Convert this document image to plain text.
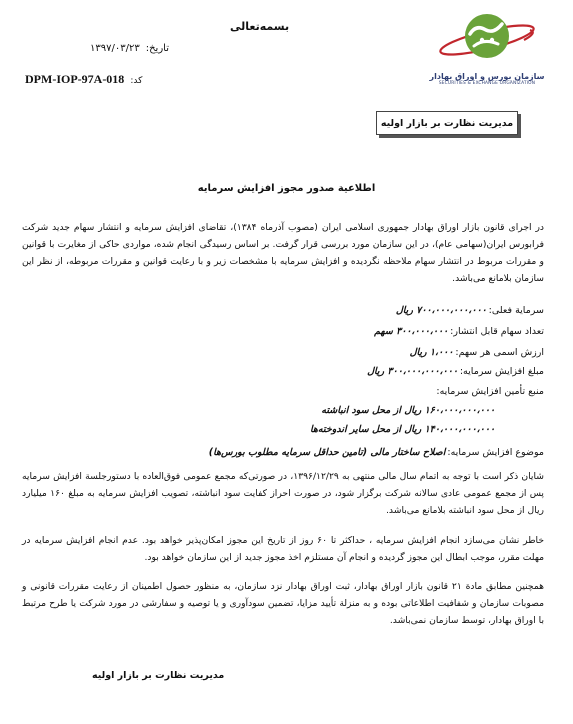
بسمه‌تعالی
تاریخ:
۱۳۹۷/۰۳/۲۳
DPM-IOP-97A-018 کد:	سازمان بورس و اوراق بهادار
SECURITIES & EXCHANGE ORGANIZATION
مدیریت نظارت بر بازار اولیه
اطلاعیة صدور مجوز افزایش سرمایه
در اجرای قانون بازار اوراق بهادار جمهوری اسلامی ایران (مصوب آذرماه ۱۳۸۴)، تقاضای افزایش سرمایه و انتشار سهام جدید شرکت فرابورس ایران(سهامی عام)، در این سازمان مورد بررسی قرار گرفت. بر اساس رسیدگی انجام شده، مواردی حاکی از مغایرت با قوانین و مقررات مربوط در انتشار سهام ملاحظه نگردیده و افزایش سرمایه با مشخصات زیر و با رعایت قوانین و مقررات مربوطه، از نظر این سازمان بلامانع می‌باشد.
سرمایة فعلی:
۷۰۰،۰۰۰،۰۰۰،۰۰۰ ریال
تعداد سهام قابل انتشار:
۳۰۰،۰۰۰،۰۰۰ سهم
ارزش اسمی هر سهم:
۱،۰۰۰ ریال
مبلغ افزایش سرمایه:
۳۰۰،۰۰۰،۰۰۰،۰۰۰ ریال
منبع تأمین افزایش سرمایه:
۱۶۰،۰۰۰،۰۰۰،۰۰۰ ریال از محل سود انباشته
۱۴۰،۰۰۰،۰۰۰،۰۰۰ ریال از محل سایر اندوخته‌ها
موضوع افزایش سرمایه:
اصلاح ساختار مالی (تامین حداقل سرمایه مطلوب بورس‌ها)
شایان ذکر است با توجه به اتمام سال مالی منتهی به ۱۳۹۶/۱۲/۲۹، در صورتی‌که مجمع عمومی فوق‌العاده با دستورجلسة افزایش سرمایه پس از مجمع عمومی عادی سالانه شرکت برگزار شود، در صورت احراز کفایت سود انباشته، تصویب افزایش سرمایه به مبلغ ۱۶۰ میلیارد ریال از محل سود انباشته بلامانع می‌باشد.
خاطر نشان می‌سازد انجام افزایش سرمایه ، حداکثر تا ۶۰ روز از تاریخ این مجوز امکان‌پذیر خواهد بود. عدم انجام افزایش سرمایه در مهلت مقرر، موجب ابطال این مجوز گردیده و انجام آن مستلزم اخذ مجوز جدید از این سازمان خواهد بود.
همچنین مطابق مادة ۲۱ قانون بازار اوراق بهادار، ثبت اوراق بهادار نزد سازمان، به منظور حصول اطمینان از رعایت مقررات قانونی و مصوبات سازمان و شفافیت اطلاعاتی بوده و به منزلة تأیید مزایا، تضمین سودآوری و یا توصیه و سفارشی در مورد شرکت یا طرح مرتبط با اوراق بهادار، توسط سازمان نمی‌باشد.
مدیریت نظارت بر بازار اولیه
